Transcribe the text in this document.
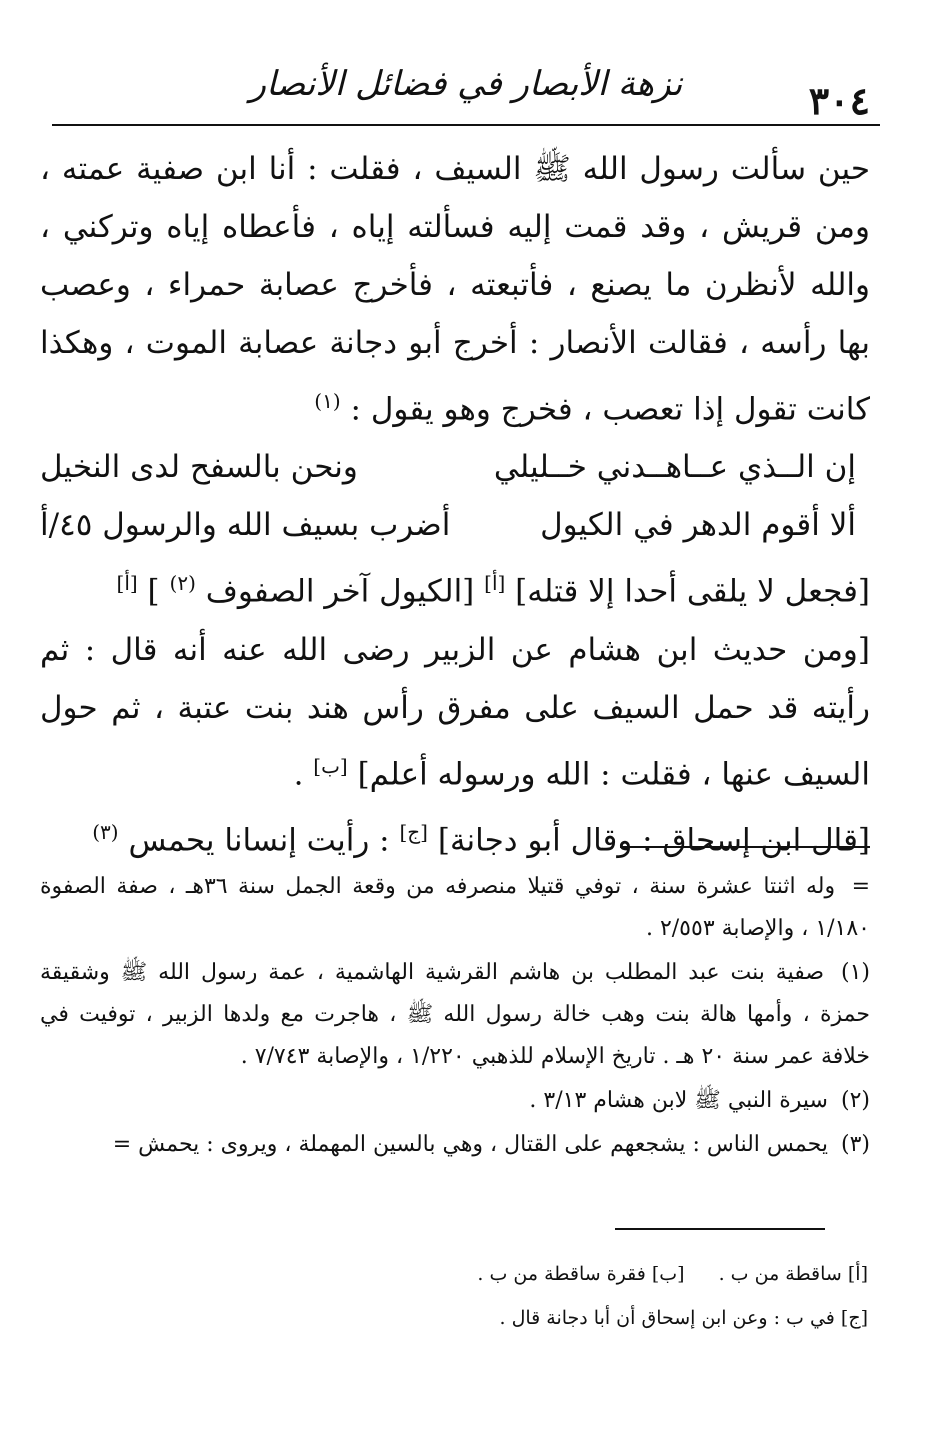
٣٠٤
نزهة الأبصار في فضائل الأنصار

حين سألت رسول الله ﷺ السيف ، فقلت : أنا ابن صفية عمته ، ومن قريش ، وقد قمت إليه فسألته إياه ، فأعطاه إياه وتركني ، والله لأنظرن ما يصنع ، فأتبعته ، فأخرج عصابة حمراء ، وعصب بها رأسه ، فقالت الأنصار : أخرج أبو دجانة عصابة الموت ، وهكذا كانت تقول إذا تعصب ، فخرج وهو يقول : $^{(١)}$

إن الــذي عــاهــدني خــليلي
ونحن بالسفح لدى النخيل
ألا أقوم الدهر في الكيول
أضرب بسيف الله والرسول ٤٥/أ

[فجعل لا يلقى أحدا إلا قتله] [أ] [الكيول آخر الصفوف $^{(٢)}$ ] [أ]

[ومن حديث ابن هشام عن الزبير رضى الله عنه أنه قال : ثم رأيته قد حمل السيف على مفرق رأس هند بنت عتبة ، ثم حول السيف عنها ، فقلت : الله ورسوله أعلم] [ب] .

[قال ابن إسحاق : وقال أبو دجانة] [ج] : رأيت إنسانا يحمس $^{(٣)}$

= وله اثنتا عشرة سنة ، توفي قتيلا منصرفه من وقعة الجمل سنة ٣٦هـ ، صفة الصفوة ١/١٨٠ ، والإصابة ٢/٥٥٣ .

(١) صفية بنت عبد المطلب بن هاشم القرشية الهاشمية ، عمة رسول الله ﷺ وشقيقة حمزة ، وأمها هالة بنت وهب خالة رسول الله ﷺ ، هاجرت مع ولدها الزبير ، توفيت في خلافة عمر سنة ٢٠ هـ . تاريخ الإسلام للذهبي ١/٢٢٠ ، والإصابة ٧/٧٤٣ .

(٢) سيرة النبي ﷺ لابن هشام ٣/١٣ .

(٣) يحمس الناس : يشجعهم على القتال ، وهي بالسين المهملة ، ويروى : يحمش =

[أ] ساقطة من ب .
[ب] فقرة ساقطة من ب .
[ج] في ب : وعن ابن إسحاق أن أبا دجانة قال .
